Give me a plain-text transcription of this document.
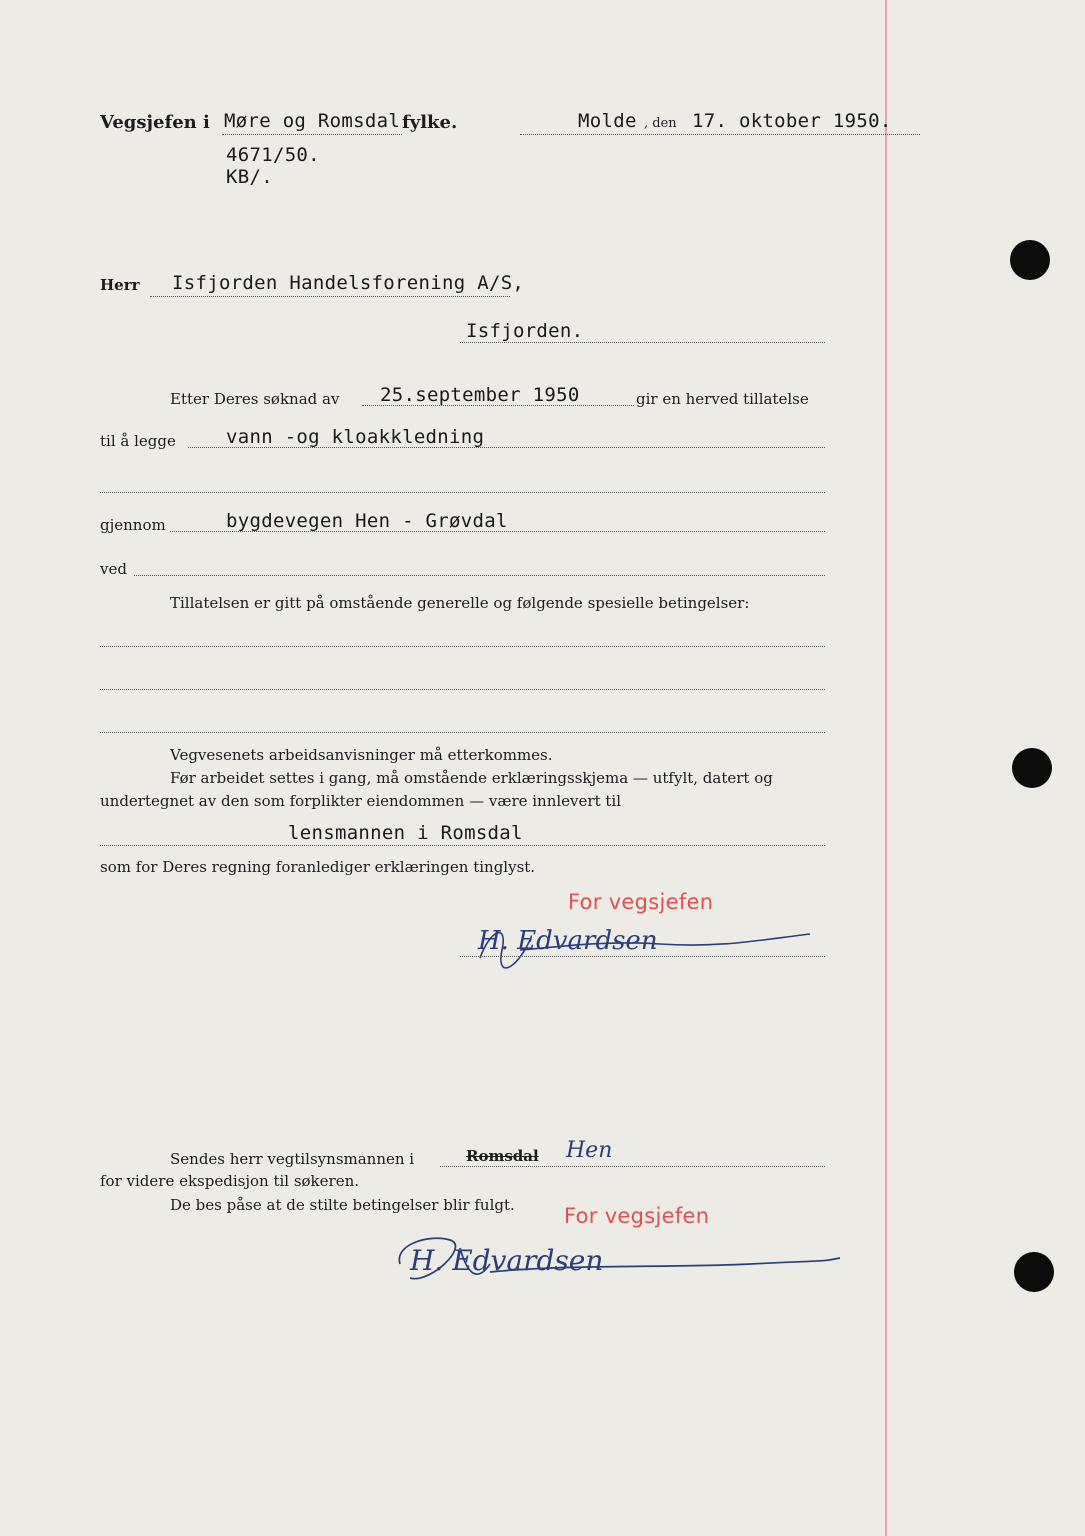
Vegsjefen i Møre og Romsdal fylke.	Molde , den 17. oktober 1950.
4671/50.
KB/.
Herr Isfjorden Handelsforening A/S,
Isfjorden.
Etter Deres søknad av 25.september 1950	gir en herved tillatelse
til å legge	vann -og kloakkledning
gjennom	bygdevegen Hen - Grøvdal
ved
Tillatelsen er gitt på omstående generelle og følgende spesielle betingelser:
Vegvesenets arbeidsanvisninger må etterkommes.
Før arbeidet settes i gang, må omstående erklæringsskjema — utfylt, datert og
undertegnet av den som forplikter eiendommen — være innlevert til
lensmannen i Romsdal
som for Deres regning foranlediger erklæringen tinglyst.
For vegsjefen
H. Edvardsen
Sendes herr vegtilsynsmannen i	Romsdal Hen
for videre ekspedisjon til søkeren.
De bes påse at de stilte betingelser blir fulgt. For vegsjefen
H. Edvardsen
